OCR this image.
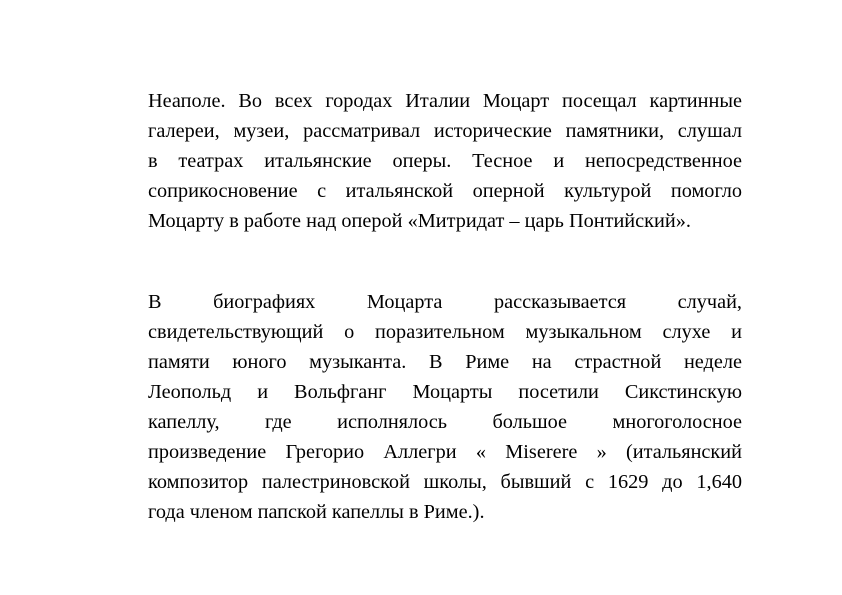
Неаполе. Во всех городах Италии Моцарт посещал картинные
галереи, музеи, рассматривал исторические памятники, слушал
в театрах итальянские оперы. Тесное и непосредственное
соприкосновение с итальянской оперной культурой помогло
Моцарту в работе над оперой «Митридат – царь Понтийский».
В биографиях Моцарта рассказывается случай,
свидетельствующий о поразительном музыкальном слухе и
памяти юного музыканта. В Риме на страстной неделе
Леопольд и Вольфганг Моцарты посетили Сикстинскую
капеллу, где исполнялось большое многоголосное
произведение Грегорио Аллегри « Miserere » (итальянский
композитор палестриновской школы, бывший с 1629 до 1,640
года членом папской капеллы в Риме.).
